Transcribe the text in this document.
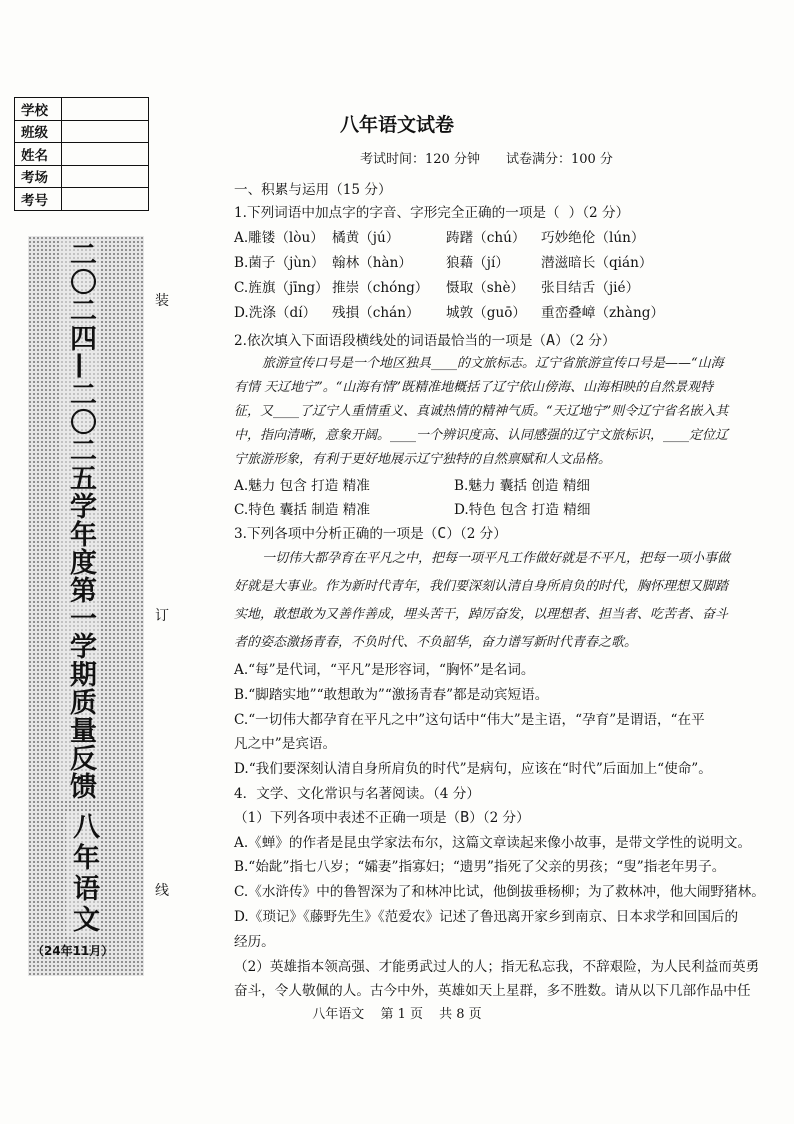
学校	
班级	
姓名	
考场	
考号	
二〇二四—二〇二五学年度第一学期质量反馈
八年语文
（24年11月）
装
订
线
八年语文试卷
考试时间：120 分钟 试卷满分：100 分
一、积累与运用（15 分）
1.下列词语中加点字的字音、字形完全正确的一项是（ ）（2 分）
A.雕镂（lòu） 橘黄（jú）	踌躇（chú） 巧妙绝伦（lún）
B.菌子（jùn） 翰林（hàn）	狼藉（jí） 潜滋暗长（qián）
C.旌旗（jīng） 推崇（chóng） 慑取（shè） 张目结舌（jié）
D.洗涤（dí） 残損（chán） 城敦（guō） 重峦叠嶂（zhàng）
2.依次填入下面语段横线处的词语最恰当的一项是（A）（2 分）
旅游宣传口号是一个地区独具____的文旅标志。辽宁省旅游宣传口号是——“山海
有情 天辽地宁”。“山海有情”既精准地概括了辽宁依山傍海、山海相映的自然景观特
征，又____了辽宁人重情重义、真诚热情的精神气质。“天辽地宁”则令辽宁省名嵌入其
中，指向清晰，意象开阔。____一个辨识度高、认同感强的辽宁文旅标识，____定位辽
宁旅游形象，有利于更好地展示辽宁独特的自然禀赋和人文品格。
A.魅力 包含 打造 精准	B.魅力 囊括 创造 精细
C.特色 囊括 制造 精准	D.特色 包含 打造 精细
3.下列各项中分析正确的一项是（C）（2 分）
一切伟大都孕育在平凡之中，把每一项平凡工作做好就是不平凡，把每一项小事做
好就是大事业。作为新时代青年，我们要深刻认清自身所肩负的时代，胸怀理想又脚踏
实地，敢想敢为又善作善成，埋头苦干，踔厉奋发，以理想者、担当者、吃苦者、奋斗
者的姿态激扬青春，不负时代、不负韶华，奋力谱写新时代青春之歌。
A.“每”是代词，“平凡”是形容词，“胸怀”是名词。
B.“脚踏实地”“敢想敢为”“激扬青春”都是动宾短语。
C.“一切伟大都孕育在平凡之中”这句话中“伟大”是主语，“孕育”是谓语，“在平
凡之中”是宾语。
D.“我们要深刻认清自身所肩负的时代”是病句，应该在“时代”后面加上“使命”。
4．文学、文化常识与名著阅读。（4 分）
（1）下列各项中表述不正确一项是（B）（2 分）
A.《蝉》的作者是昆虫学家法布尔，这篇文章读起来像小故事，是带文学性的说明文。
B.“始龀”指七八岁；“孀妻”指寡妇；“遗男”指死了父亲的男孩；“叟”指老年男子。
C.《水浒传》中的鲁智深为了和林冲比试，他倒拔垂杨柳；为了救林冲，他大闹野猪林。
D.《琐记》《藤野先生》《范爱农》记述了鲁迅离开家乡到南京、日本求学和回国后的
经历。
（2）英雄指本领高强、才能勇武过人的人；指无私忘我，不辞艰险，为人民利益而英勇
奋斗，令人敬佩的人。古今中外，英雄如天上星群，多不胜数。请从以下几部作品中任
八年语文 第 1 页 共 8 页
